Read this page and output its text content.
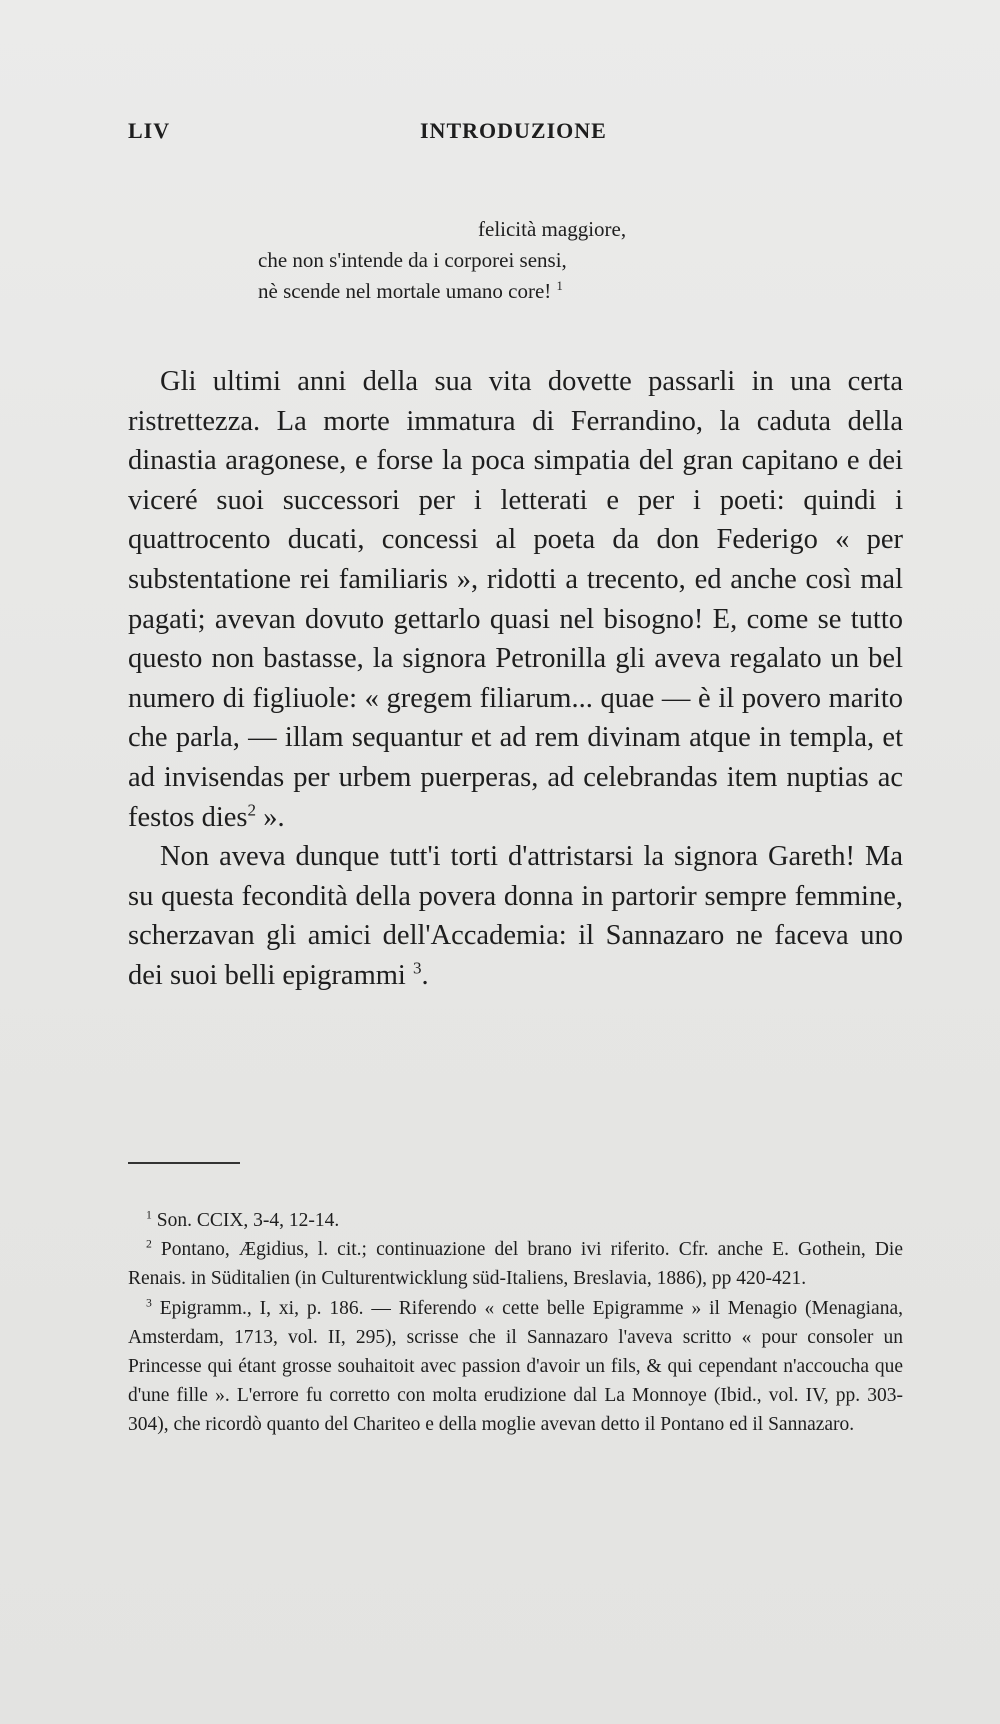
LIV	INTRODUZIONE
felicità maggiore,
che non s'intende da i corporei sensi,
nè scende nel mortale umano core! $^1$

Gli ultimi anni della sua vita dovette passarli in una certa ristrettezza. La morte immatura di Ferrandino, la caduta della dinastia aragonese, e forse la poca simpatia del gran capitano e dei viceré suoi successori per i letterati e per i poeti: quindi i quattrocento ducati, concessi al poeta da don Federigo « per substentatione rei familiaris », ridotti a trecento, ed anche così mal pagati; avevan dovuto gettarlo quasi nel bisogno! E, come se tutto questo non bastasse, la signora Petronilla gli aveva regalato un bel numero di figliuole: « gregem filiarum... quae — è il povero marito che parla, — illam sequantur et ad rem divinam atque in templa, et ad invisendas per urbem puerperas, ad celebrandas item nuptias ac festos dies$^2$ ».

Non aveva dunque tutt'i torti d'attristarsi la signora Gareth! Ma su questa fecondità della povera donna in partorir sempre femmine, scherzavan gli amici dell'Accademia: il Sannazaro ne faceva uno dei suoi belli epigrammi $^3$.

$^1$ Son. CCIX, 3-4, 12-14.

$^2$ Pontano, Ægidius, l. cit.; continuazione del brano ivi riferito. Cfr. anche E. Gothein, Die Renais. in Süditalien (in Culturentwicklung süd-Italiens, Breslavia, 1886), pp 420-421.

$^3$ Epigramm., I, xi, p. 186. — Riferendo « cette belle Epigramme » il Menagio (Menagiana, Amsterdam, 1713, vol. II, 295), scrisse che il Sannazaro l'aveva scritto « pour consoler un Princesse qui étant grosse souhaitoit avec passion d'avoir un fils, & qui cependant n'accoucha que d'une fille ». L'errore fu corretto con molta erudizione dal La Monnoye (Ibid., vol. IV, pp. 303-304), che ricordò quanto del Chariteo e della moglie avevan detto il Pontano ed il Sannazaro.
